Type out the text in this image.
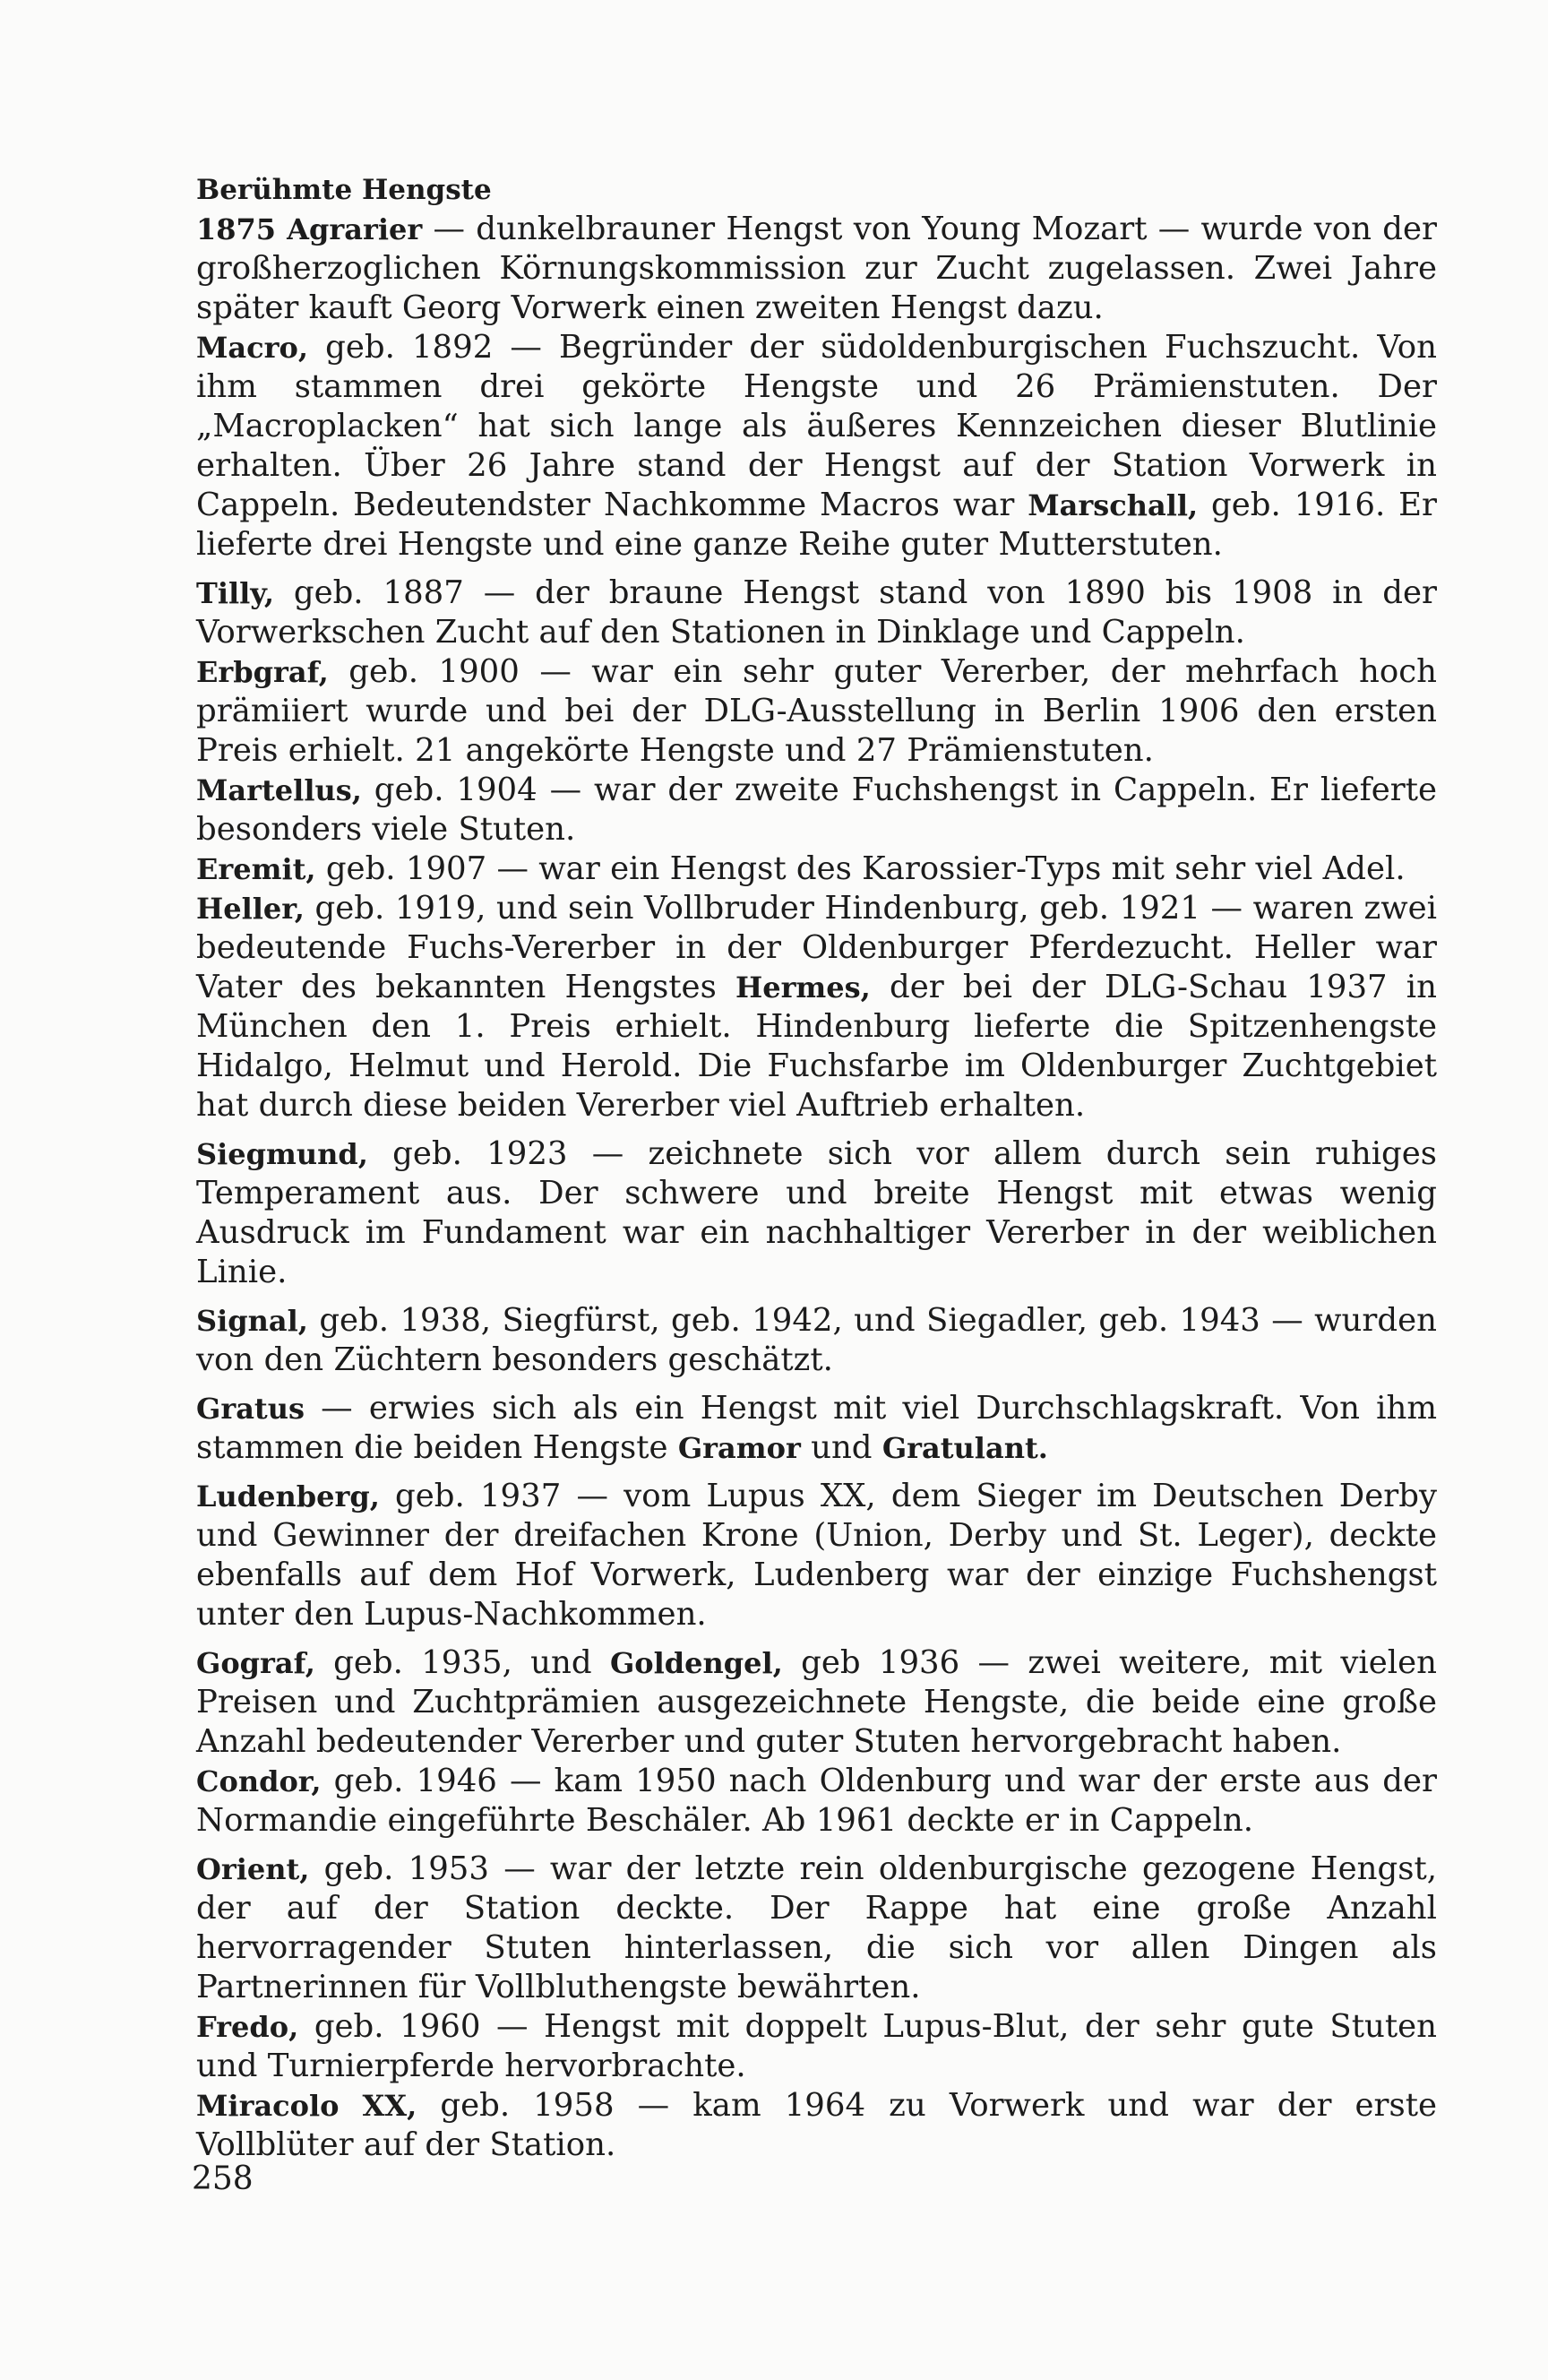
Berühmte Hengste

1875 Agrarier — dunkelbrauner Hengst von Young Mozart — wurde von der großherzoglichen Körnungskommission zur Zucht zugelassen. Zwei Jahre später kauft Georg Vorwerk einen zweiten Hengst dazu.

Macro, geb. 1892 — Begründer der südoldenburgischen Fuchszucht. Von ihm stammen drei gekörte Hengste und 26 Prämienstuten. Der „Macroplacken“ hat sich lange als äußeres Kennzeichen dieser Blutlinie erhalten. Über 26 Jahre stand der Hengst auf der Station Vorwerk in Cappeln. Bedeutendster Nachkomme Macros war Marschall, geb. 1916. Er lieferte drei Hengste und eine ganze Reihe guter Mutterstuten.

Tilly, geb. 1887 — der braune Hengst stand von 1890 bis 1908 in der Vorwerkschen Zucht auf den Stationen in Dinklage und Cappeln.

Erbgraf, geb. 1900 — war ein sehr guter Vererber, der mehrfach hoch prämiiert wurde und bei der DLG-Ausstellung in Berlin 1906 den ersten Preis erhielt. 21 angekörte Hengste und 27 Prämienstuten.

Martellus, geb. 1904 — war der zweite Fuchshengst in Cappeln. Er lieferte besonders viele Stuten.

Eremit, geb. 1907 — war ein Hengst des Karossier-Typs mit sehr viel Adel.

Heller, geb. 1919, und sein Vollbruder Hindenburg, geb. 1921 — waren zwei bedeutende Fuchs-Vererber in der Oldenburger Pferdezucht. Heller war Vater des bekannten Hengstes Hermes, der bei der DLG-Schau 1937 in München den 1. Preis erhielt. Hindenburg lieferte die Spitzenhengste Hidalgo, Helmut und Herold. Die Fuchsfarbe im Oldenburger Zuchtgebiet hat durch diese beiden Vererber viel Auftrieb erhalten.

Siegmund, geb. 1923 — zeichnete sich vor allem durch sein ruhiges Temperament aus. Der schwere und breite Hengst mit etwas wenig Ausdruck im Fundament war ein nachhaltiger Vererber in der weiblichen Linie.

Signal, geb. 1938, Siegfürst, geb. 1942, und Siegadler, geb. 1943 — wurden von den Züchtern besonders geschätzt.

Gratus — erwies sich als ein Hengst mit viel Durchschlagskraft. Von ihm stammen die beiden Hengste Gramor und Gratulant.

Ludenberg, geb. 1937 — vom Lupus XX, dem Sieger im Deutschen Derby und Gewinner der dreifachen Krone (Union, Derby und St. Leger), deckte ebenfalls auf dem Hof Vorwerk, Ludenberg war der einzige Fuchshengst unter den Lupus-Nachkommen.

Gograf, geb. 1935, und Goldengel, geb 1936 — zwei weitere, mit vielen Preisen und Zuchtprämien ausgezeichnete Hengste, die beide eine große Anzahl bedeutender Vererber und guter Stuten hervorgebracht haben.

Condor, geb. 1946 — kam 1950 nach Oldenburg und war der erste aus der Normandie eingeführte Beschäler. Ab 1961 deckte er in Cappeln.

Orient, geb. 1953 — war der letzte rein oldenburgische gezogene Hengst, der auf der Station deckte. Der Rappe hat eine große Anzahl hervorragender Stuten hinterlassen, die sich vor allen Dingen als Partnerinnen für Vollbluthengste bewährten.

Fredo, geb. 1960 — Hengst mit doppelt Lupus-Blut, der sehr gute Stuten und Turnierpferde hervorbrachte.

Miracolo XX, geb. 1958 — kam 1964 zu Vorwerk und war der erste Vollblüter auf der Station.

258
